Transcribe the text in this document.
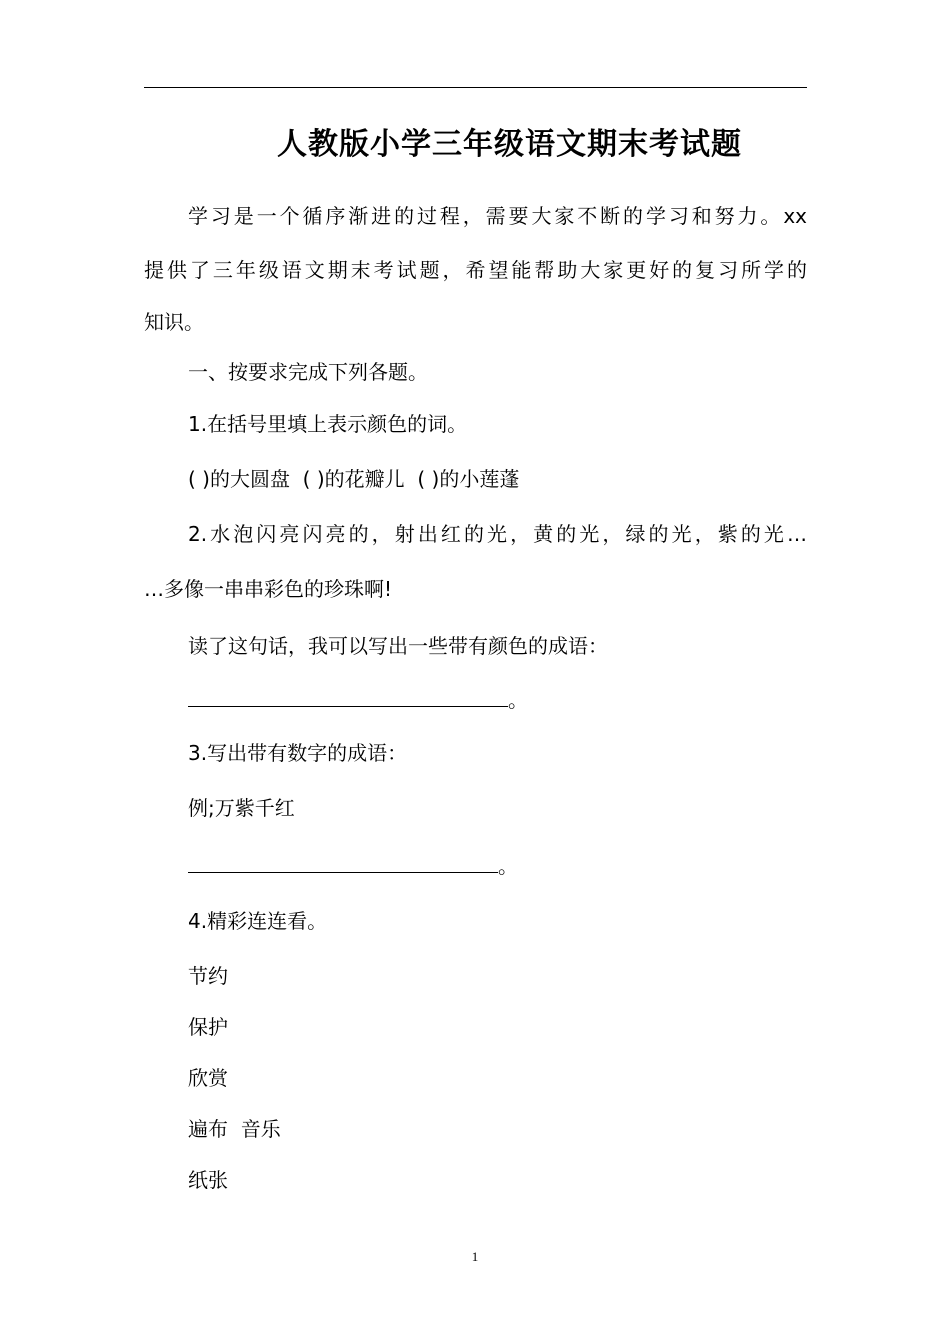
人教版小学三年级语文期末考试题
学习是一个循序渐进的过程，需要大家不断的学习和努力。xx
提供了三年级语文期末考试题，希望能帮助大家更好的复习所学的
知识。
一、按要求完成下列各题。
1.在括号里填上表示颜色的词。
( )的大圆盘  ( )的花瓣儿  ( )的小莲蓬
2.水泡闪亮闪亮的，射出红的光，黄的光，绿的光，紫的光…
…多像一串串彩色的珍珠啊!
读了这句话，我可以写出一些带有颜色的成语：
。
3.写出带有数字的成语：
例;万紫千红
。
4.精彩连连看。
节约
保护
欣赏
遍布  音乐
纸张
1
